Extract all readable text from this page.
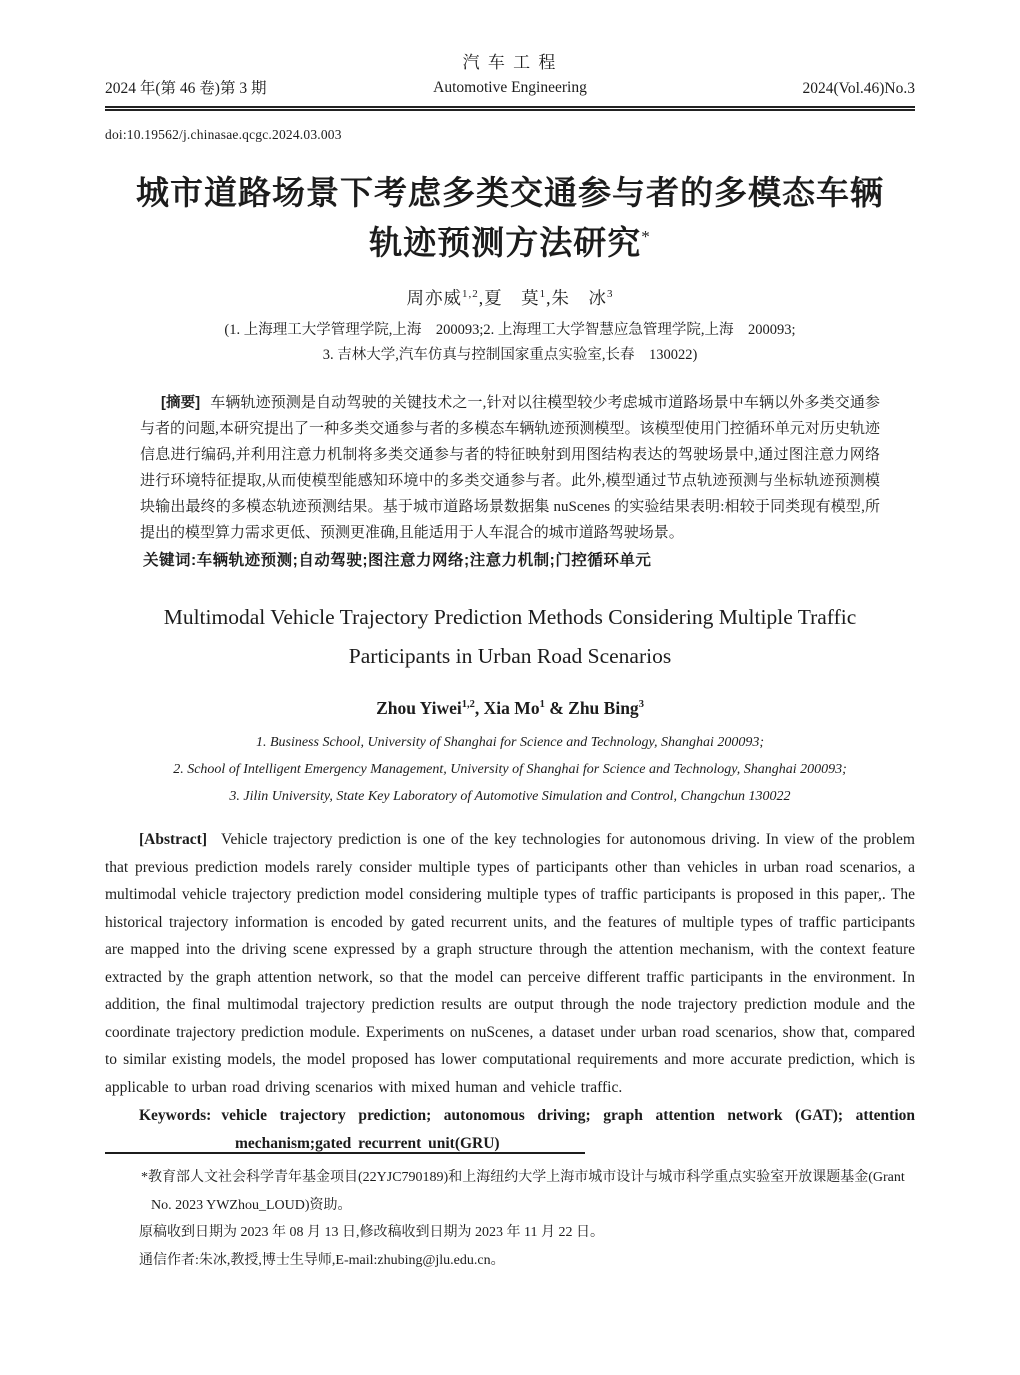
2024 年(第 46 卷)第 3 期
汽 车 工 程
Automotive Engineering	2024(Vol.46)No.3
doi:10.19562/j.chinasae.qcgc.2024.03.003
城市道路场景下考虑多类交通参与者的多模态车辆
轨迹预测方法研究*

周亦威$^{1,2}$,夏　莫$^1$,朱　冰$^3$

(1. 上海理工大学管理学院,上海　200093;2. 上海理工大学智慧应急管理学院,上海　200093;
3. 吉林大学,汽车仿真与控制国家重点实验室,长春　130022)

[摘要] 车辆轨迹预测是自动驾驶的关键技术之一,针对以往模型较少考虑城市道路场景中车辆以外多类交通参与者的问题,本研究提出了一种多类交通参与者的多模态车辆轨迹预测模型。该模型使用门控循环单元对历史轨迹信息进行编码,并利用注意力机制将多类交通参与者的特征映射到用图结构表达的驾驶场景中,通过图注意力网络进行环境特征提取,从而使模型能感知环境中的多类交通参与者。此外,模型通过节点轨迹预测与坐标轨迹预测模块输出最终的多模态轨迹预测结果。基于城市道路场景数据集 nuScenes 的实验结果表明:相较于同类现有模型,所提出的模型算力需求更低、预测更准确,且能适用于人车混合的城市道路驾驶场景。

关键词:车辆轨迹预测;自动驾驶;图注意力网络;注意力机制;门控循环单元

Multimodal Vehicle Trajectory Prediction Methods Considering Multiple Traffic Participants in Urban Road Scenarios

Zhou Yiwei$^{1,2}$, Xia Mo$^1$ & Zhu Bing$^3$

1. Business School, University of Shanghai for Science and Technology, Shanghai 200093;
2. School of Intelligent Emergency Management, University of Shanghai for Science and Technology, Shanghai 200093;
3. Jilin University, State Key Laboratory of Automotive Simulation and Control, Changchun 130022

[Abstract] Vehicle trajectory prediction is one of the key technologies for autonomous driving. In view of the problem that previous prediction models rarely consider multiple types of participants other than vehicles in urban road scenarios, a multimodal vehicle trajectory prediction model considering multiple types of traffic participants is proposed in this paper,. The historical trajectory information is encoded by gated recurrent units, and the features of multiple types of traffic participants are mapped into the driving scene expressed by a graph structure through the attention mechanism, with the context feature extracted by the graph attention network, so that the model can perceive different traffic participants in the environment. In addition, the final multimodal trajectory prediction results are output through the node trajectory prediction module and the coordinate trajectory prediction module. Experiments on nuScenes, a dataset under urban road scenarios, show that, compared to similar existing models, the model proposed has lower computational requirements and more accurate prediction, which is applicable to urban road driving scenarios with mixed human and vehicle traffic.

Keywords: vehicle trajectory prediction; autonomous driving; graph attention network (GAT); attention mechanism;gated recurrent unit(GRU)

*教育部人文社会科学青年基金项目(22YJC790189)和上海纽约大学上海市城市设计与城市科学重点实验室开放课题基金(Grant No. 2023 YWZhou_LOUD)资助。

原稿收到日期为 2023 年 08 月 13 日,修改稿收到日期为 2023 年 11 月 22 日。

通信作者:朱冰,教授,博士生导师,E-mail:zhubing@jlu.edu.cn。
